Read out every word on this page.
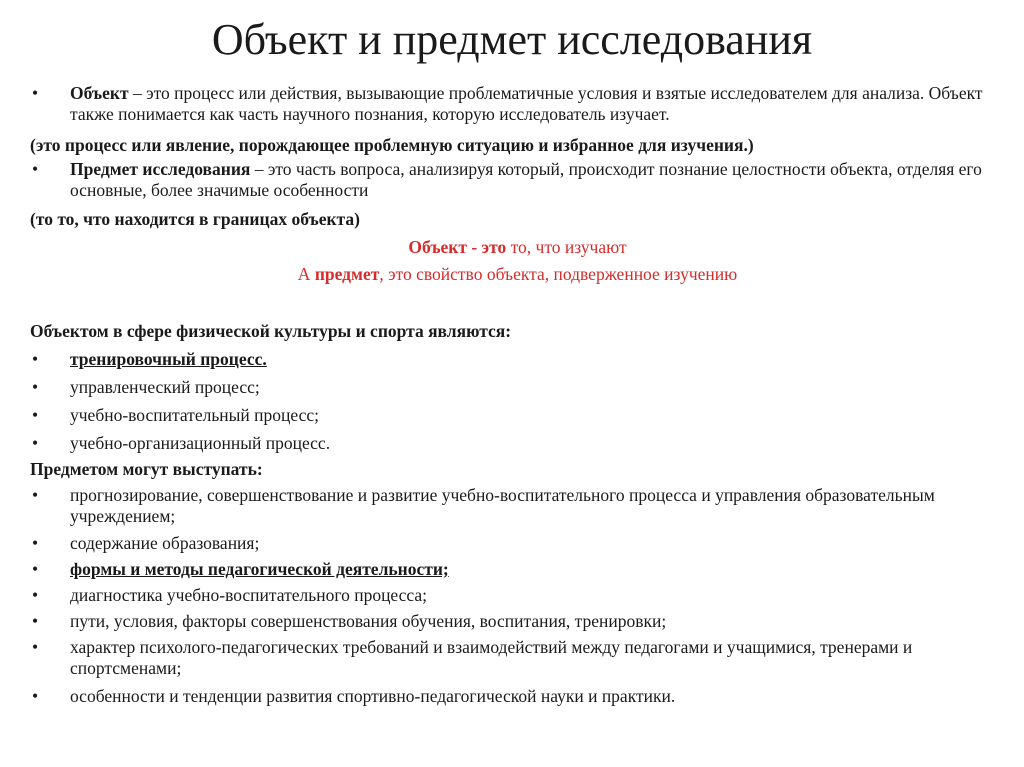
Объект и предмет исследования
• Объект – это процесс или действия, вызывающие проблематичные условия и взятые исследователем для анализа. Объект также понимается как часть научного познания, которую исследователь изучает.
(это процесс или явление, порождающее проблемную ситуацию и избранное для изучения.)
• Предмет исследования – это часть вопроса, анализируя который, происходит познание целостности объекта, отделяя его основные, более значимые особенности
(то то, что находится в границах объекта)
Объект - это то, что изучают
А предмет, это свойство объекта, подверженное изучению
Объектом в сфере физической культуры и спорта являются:
• тренировочный процесс.
• управленческий процесс;
• учебно-воспитательный процесс;
• учебно-организационный процесс.
Предметом могут выступать:
• прогнозирование, совершенствование и развитие учебно-воспитательного процесса и управления образовательным учреждением;
• содержание образования;
• формы и методы педагогической деятельности;
• диагностика учебно-воспитательного процесса;
• пути, условия, факторы совершенствования обучения, воспитания, тренировки;
• характер психолого-педагогических требований и взаимодействий между педагогами и учащимися, тренерами и спортсменами;
• особенности и тенденции развития спортивно-педагогической науки и практики.
